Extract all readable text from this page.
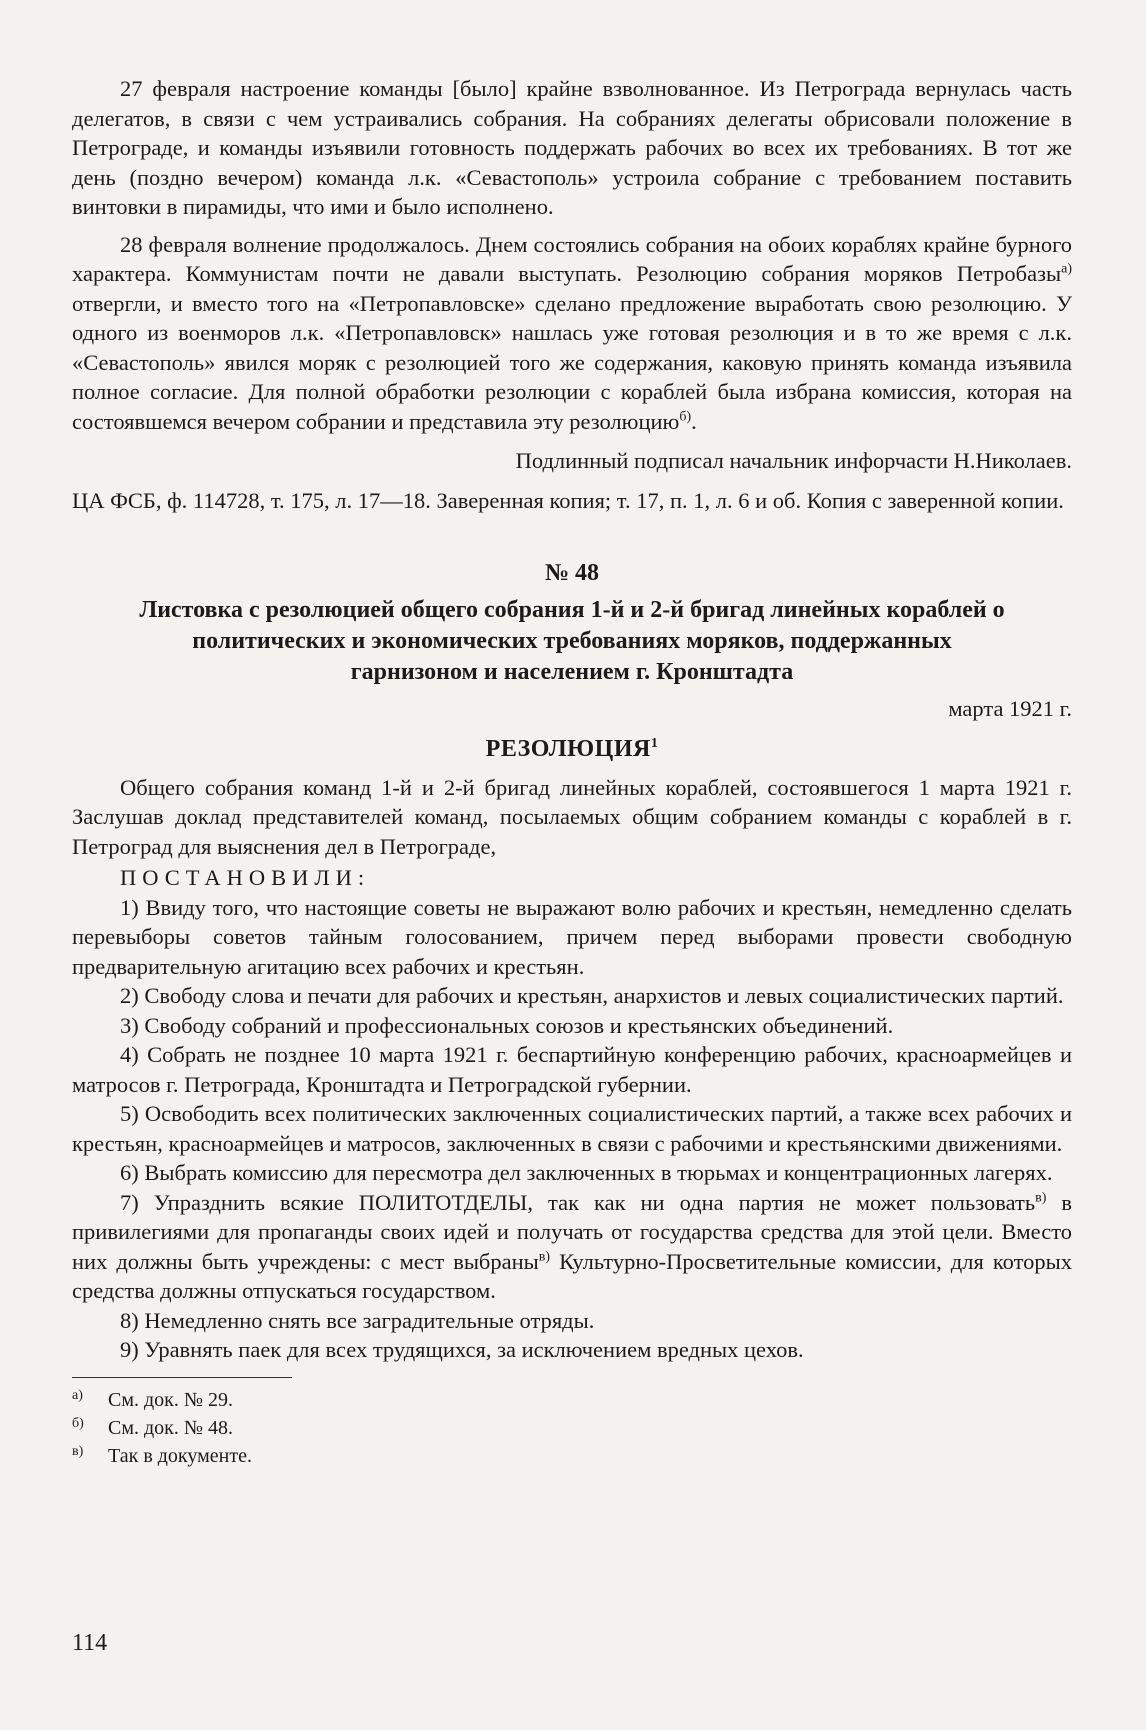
27 февраля настроение команды [было] крайне взволнованное. Из Петрограда вернулась часть делегатов, в связи с чем устраивались собрания. На собраниях делегаты обрисовали положение в Петрограде, и команды изъявили готовность поддержать рабочих во всех их требованиях. В тот же день (поздно вечером) команда л.к. «Севастополь» устроила собрание с требованием поставить винтовки в пирамиды, что ими и было исполнено.

28 февраля волнение продолжалось. Днем состоялись собрания на обоих кораблях крайне бурного характера. Коммунистам почти не давали выступать. Резолюцию собрания моряков Петробазы$^{а)}$ отвергли, и вместо того на «Петропавловске» сделано предложение выработать свою резолюцию. У одного из военморов л.к. «Петропавловск» нашлась уже готовая резолюция и в то же время с л.к. «Севастополь» явился моряк с резолюцией того же содержания, каковую принять команда изъявила полное согласие. Для полной обработки резолюции с кораблей была избрана комиссия, которая на состоявшемся вечером собрании и представила эту резолюцию$^{б)}$.

Подлинный подписал начальник инфорчасти Н.Николаев.

ЦА ФСБ, ф. 114728, т. 175, л. 17—18. Заверенная копия; т. 17, п. 1, л. 6 и об. Копия с заверенной копии.

№ 48

Листовка с резолюцией общего собрания 1-й и 2-й бригад линейных кораблей о политических и экономических требованиях моряков, поддержанных гарнизоном и населением г. Кронштадта

марта 1921 г.

РЕЗОЛЮЦИЯ$^1$

Общего собрания команд 1-й и 2-й бригад линейных кораблей, состоявшегося 1 марта 1921 г. Заслушав доклад представителей команд, посылаемых общим собранием команды с кораблей в г. Петроград для выяснения дел в Петрограде,

ПОСТАНОВИЛИ:

1) Ввиду того, что настоящие советы не выражают волю рабочих и крестьян, немедленно сделать перевыборы советов тайным голосованием, причем перед выборами провести свободную предварительную агитацию всех рабочих и крестьян.

2) Свободу слова и печати для рабочих и крестьян, анархистов и левых социалистических партий.

3) Свободу собраний и профессиональных союзов и крестьянских объединений.

4) Собрать не позднее 10 марта 1921 г. беспартийную конференцию рабочих, красноармейцев и матросов г. Петрограда, Кронштадта и Петроградской губернии.

5) Освободить всех политических заключенных социалистических партий, а также всех рабочих и крестьян, красноармейцев и матросов, заключенных в связи с рабочими и крестьянскими движениями.

6) Выбрать комиссию для пересмотра дел заключенных в тюрьмах и концентрационных лагерях.

7) Упразднить всякие ПОЛИТОТДЕЛЫ, так как ни одна партия не может пользовать$^{в)}$ в привилегиями для пропаганды своих идей и получать от государства средства для этой цели. Вместо них должны быть учреждены: с мест выбраны$^{в)}$ Культурно-Просветительные комиссии, для которых средства должны отпускаться государством.

8) Немедленно снять все заградительные отряды.

9) Уравнять паек для всех трудящихся, за исключением вредных цехов.

а) См. док. № 29.

б) См. док. № 48.

в) Так в документе.

114
